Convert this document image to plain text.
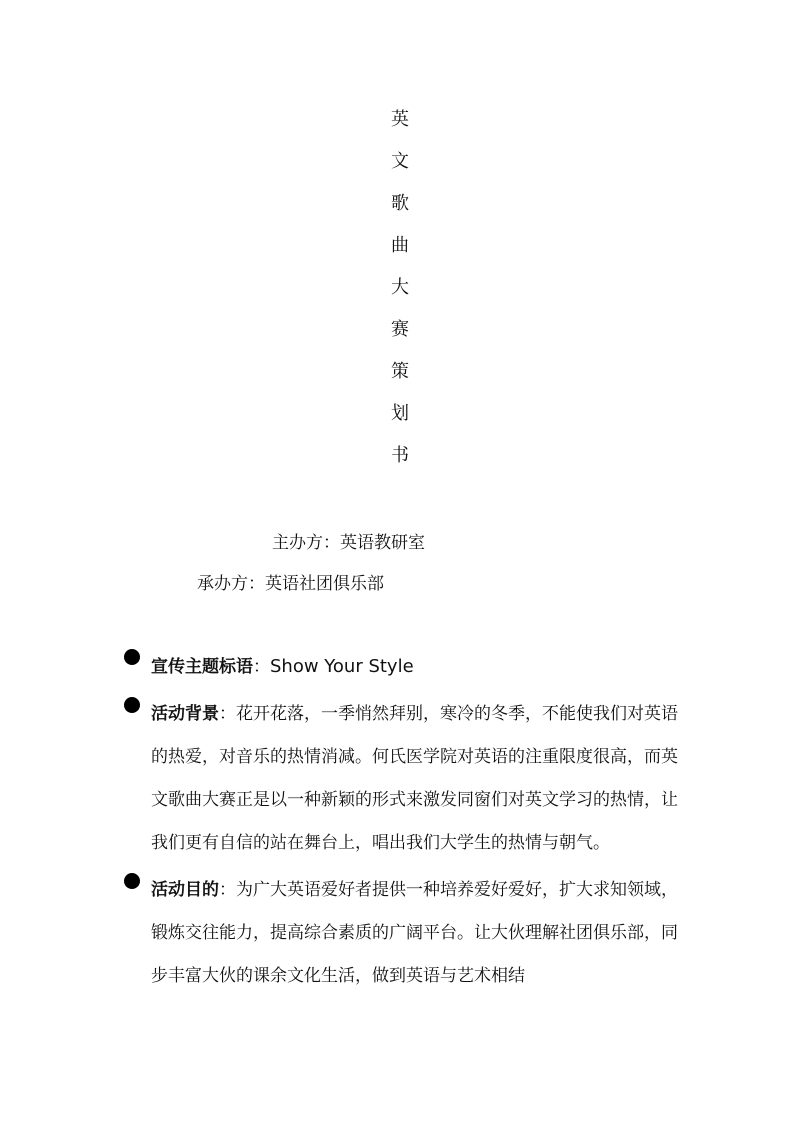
英
文
歌
曲
大
赛
策
划
书
主办方：英语教研室
承办方：英语社团俱乐部
宣传主题标语：Show Your Style
活动背景：花开花落，一季悄然拜别，寒冷的冬季，不能使我们对英语的热爱，对音乐的热情消减。何氏医学院对英语的注重限度很高，而英文歌曲大赛正是以一种新颖的形式来激发同窗们对英文学习的热情，让我们更有自信的站在舞台上，唱出我们大学生的热情与朝气。
活动目的：为广大英语爱好者提供一种培养爱好爱好，扩大求知领域，锻炼交往能力，提高综合素质的广阔平台。让大伙理解社团俱乐部，同步丰富大伙的课余文化生活，做到英语与艺术相结
